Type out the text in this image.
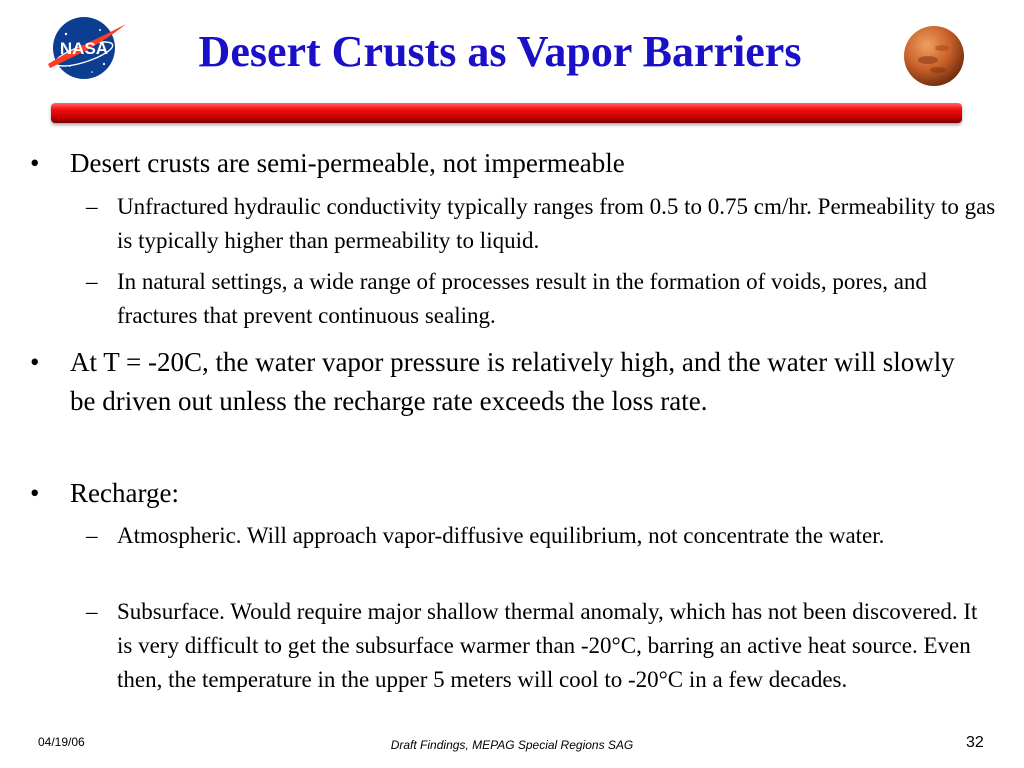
NASA	Desert Crusts as Vapor Barriers
• Desert crusts are semi-permeable, not impermeable
– Unfractured hydraulic conductivity typically ranges from 0.5 to 0.75 cm/hr. Permeability to gas is typically higher than permeability to liquid.
– In natural settings, a wide range of processes result in the formation of voids, pores, and fractures that prevent continuous sealing.
• At T = -20C, the water vapor pressure is relatively high, and the water will slowly be driven out unless the recharge rate exceeds the loss rate.
• Recharge:
– Atmospheric. Will approach vapor-diffusive equilibrium, not concentrate the water.
– Subsurface. Would require major shallow thermal anomaly, which has not been discovered. It is very difficult to get the subsurface warmer than -20°C, barring an active heat source. Even then, the temperature in the upper 5 meters will cool to -20°C in a few decades.
04/19/06	Draft Findings, MEPAG Special Regions SAG	32
